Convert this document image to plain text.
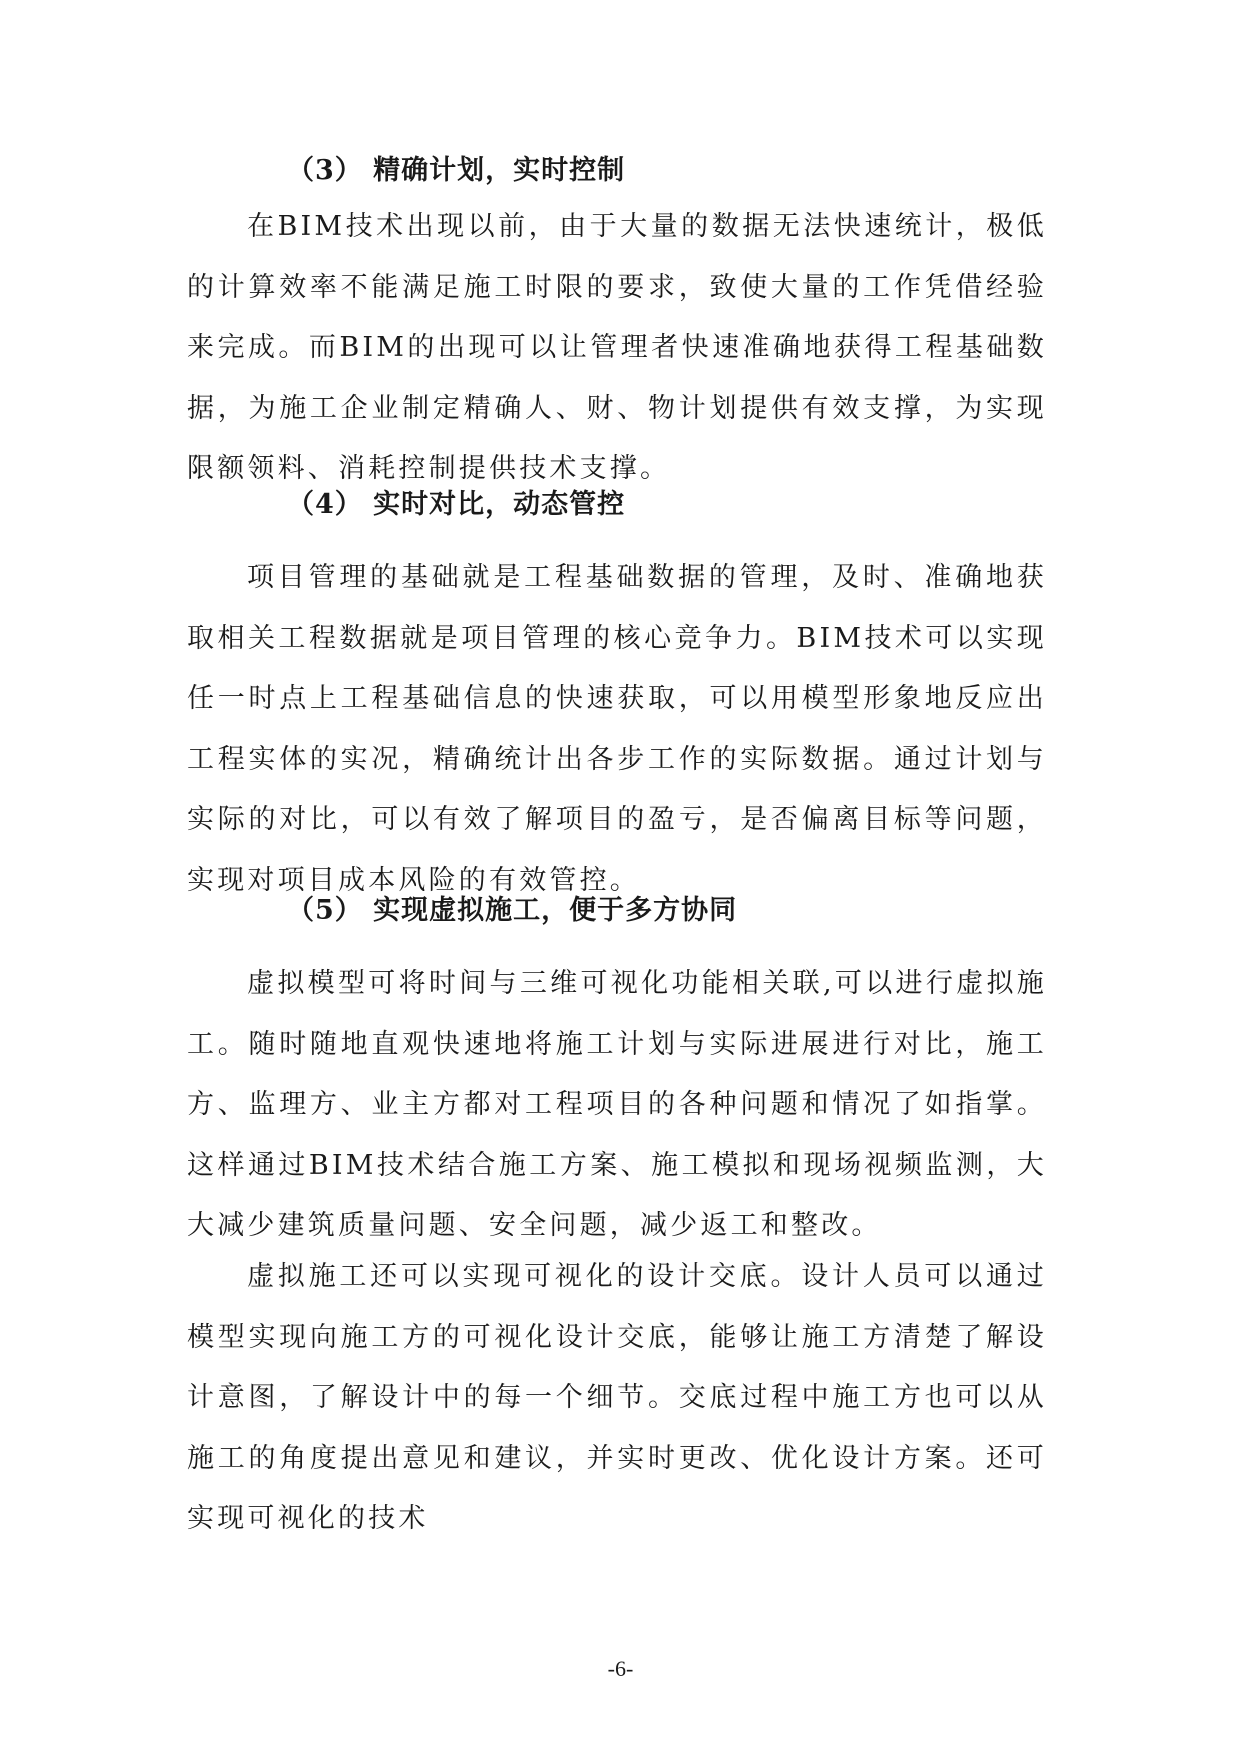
（3） 精确计划，实时控制

在BIM技术出现以前，由于大量的数据无法快速统计，极低的计算效率不能满足施工时限的要求，致使大量的工作凭借经验来完成。而BIM的出现可以让管理者快速准确地获得工程基础数据，为施工企业制定精确人、财、物计划提供有效支撑，为实现限额领料、消耗控制提供技术支撑。

（4） 实时对比，动态管控

项目管理的基础就是工程基础数据的管理，及时、准确地获取相关工程数据就是项目管理的核心竞争力。BIM技术可以实现任一时点上工程基础信息的快速获取，可以用模型形象地反应出工程实体的实况，精确统计出各步工作的实际数据。通过计划与实际的对比，可以有效了解项目的盈亏，是否偏离目标等问题，实现对项目成本风险的有效管控。

（5） 实现虚拟施工，便于多方协同

虚拟模型可将时间与三维可视化功能相关联,可以进行虚拟施工。随时随地直观快速地将施工计划与实际进展进行对比，施工方、监理方、业主方都对工程项目的各种问题和情况了如指掌。这样通过BIM技术结合施工方案、施工模拟和现场视频监测，大大减少建筑质量问题、安全问题，减少返工和整改。

虚拟施工还可以实现可视化的设计交底。设计人员可以通过模型实现向施工方的可视化设计交底，能够让施工方清楚了解设计意图，了解设计中的每一个细节。交底过程中施工方也可以从施工的角度提出意见和建议，并实时更改、优化设计方案。还可实现可视化的技术

-6-
